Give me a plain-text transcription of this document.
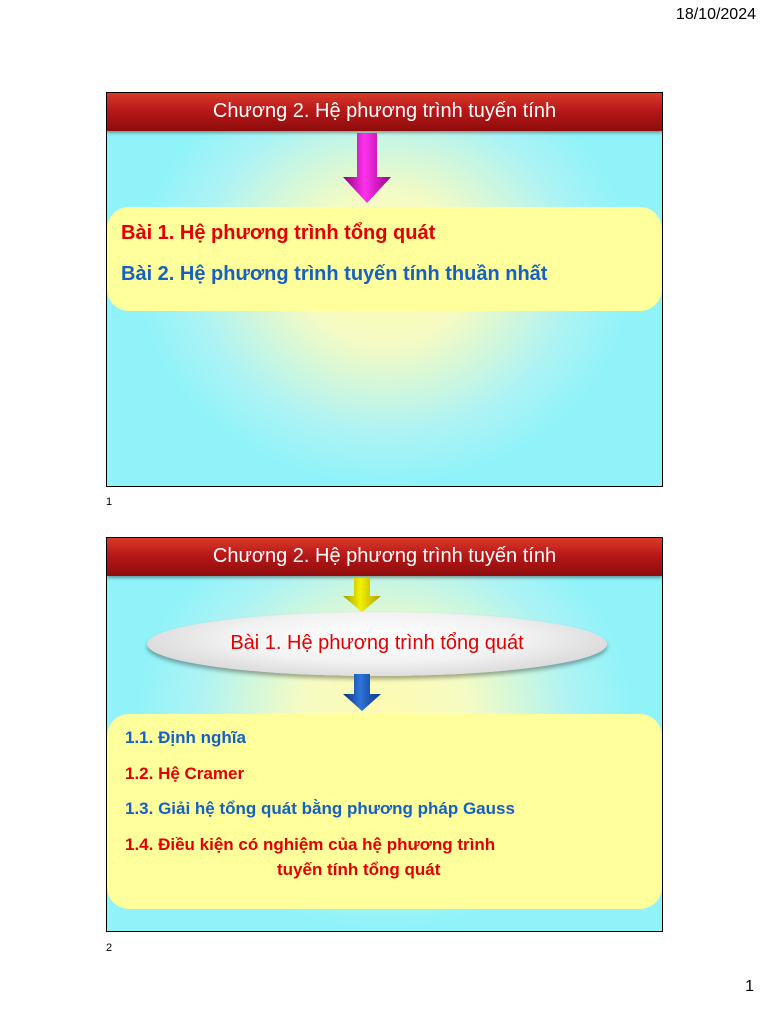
18/10/2024
Chương 2. Hệ phương trình tuyến tính
Bài 1. Hệ phương trình tổng quát
Bài 2. Hệ phương trình tuyến tính thuần nhất
1
Chương 2. Hệ phương trình tuyến tính
Bài 1. Hệ phương trình tổng quát
1.1. Định nghĩa
1.2. Hệ Cramer
1.3. Giải hệ tổng quát bằng phương pháp Gauss
1.4. Điều kiện có nghiệm của hệ phương trình
tuyến tính tổng quát
2
1
